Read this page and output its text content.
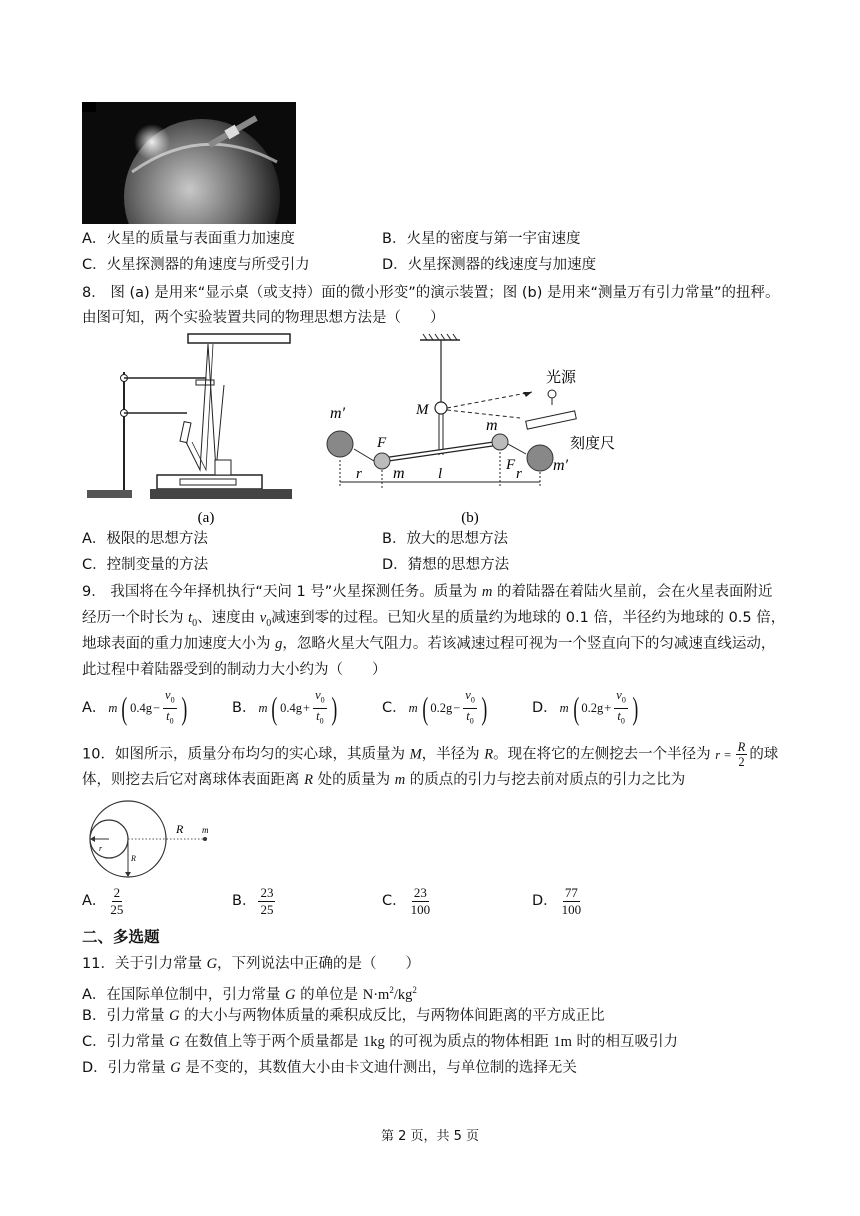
A．火星的质量与表面重力加速度	B．火星的密度与第一宇宙速度
C．火星探测器的角速度与所受引力	D．火星探测器的线速度与加速度
8． 图 (a) 是用来“显示桌（或支持）面的微小形变”的演示装置；图 (b) 是用来“测量万有引力常量”的扭秤。
由图可知，两个实验装置共同的物理思想方法是（　　）
(a)
光源
刻度尺
M
m′
m′
m
m
F
F
r	l	r
(b)
A．极限的思想方法	B．放大的思想方法
C．控制变量的方法	D．猜想的思想方法
9． 我国将在今年择机执行“天问 1 号”火星探测任务。质量为 m 的着陆器在着陆火星前，会在火星表面附近
经历一个时长为 $t_0$、速度由 $v_0$减速到零的过程。已知火星的质量约为地球的 0.1 倍，半径约为地球的 0.5 倍，
地球表面的重力加速度大小为 g，忽略火星大气阻力。若该减速过程可视为一个竖直向下的匀减速直线运动，
此过程中着陆器受到的制动力大小约为（　　）
A． m ( $0.4g - \frac{v_0}{t_0}$ )	B． m ( $0.4g + \frac{v_0}{t_0}$ )	C． m ( $0.2g - \frac{v_0}{t_0}$ )	D． m ( $0.2g + \frac{v_0}{t_0}$ )
10．如图所示，质量分布均匀的实心球，其质量为 M，半径为 R。现在将它的左侧挖去一个半径为 $r = \frac{R}{2}$ 的球
体，则挖去后它对离球体表面距离 R 处的质量为 m 的质点的引力与挖去前对质点的引力之比为
R m
r
R
A． $\frac{2}{25}$	B． $\frac{23}{25}$	C． $\frac{23}{100}$	D． $\frac{77}{100}$
二、多选题
11．关于引力常量 G，下列说法中正确的是（　　）
A．在国际单位制中，引力常量 G 的单位是 $N\cdot m^2/kg^2$
B．引力常量 G 的大小与两物体质量的乘积成反比，与两物体间距离的平方成正比
C．引力常量 G 在数值上等于两个质量都是 1kg 的可视为质点的物体相距 1m 时的相互吸引力
D．引力常量 G 是不变的，其数值大小由卡文迪什测出，与单位制的选择无关
第 2 页，共 5 页
